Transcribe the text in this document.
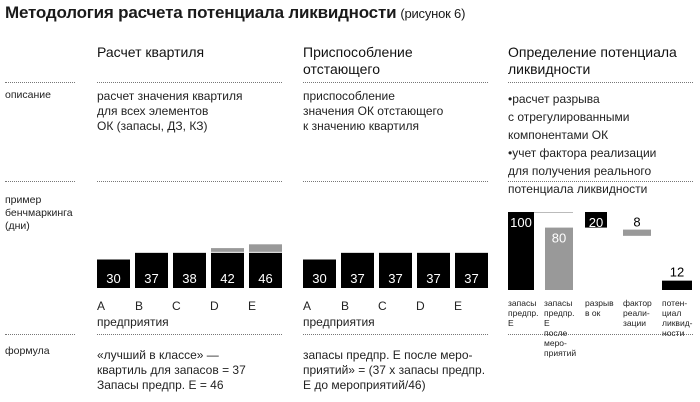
Методология расчета потенциала ликвидности (рисунок 6)
Расчет квартиля	Приспособление
отстающего
Определение потенциала
ликвидности
описание
пример
бенчмаркинга
(дни)
формула
расчет значения квартиля
для всех элементов
ОК (запасы, ДЗ, КЗ)
приспособление
значения ОК отстающего
к значению квартиля
•расчет разрыва
с отрегулированными
компонентами ОК
•учет фактора реализации
для получения реального
потенциала ликвидности
30 37 38 42 46
A B C D E
предприятия
30 37 37 37 37
A B C D E
предприятия
100
80
20 8
12
запасы
предпр.
Е
запасы
предпр.
Е
после
меро-
приятий
разрыв
в ок
фактор
реали-
зации
потен-
циал
ликвид-
ности
«лучший в классе» —
квартиль для запасов = 37
Запасы предпр. Е = 46
запасы предпр. Е после меро-
приятий» = (37 х запасы предпр.
Е до мероприятий/46)
